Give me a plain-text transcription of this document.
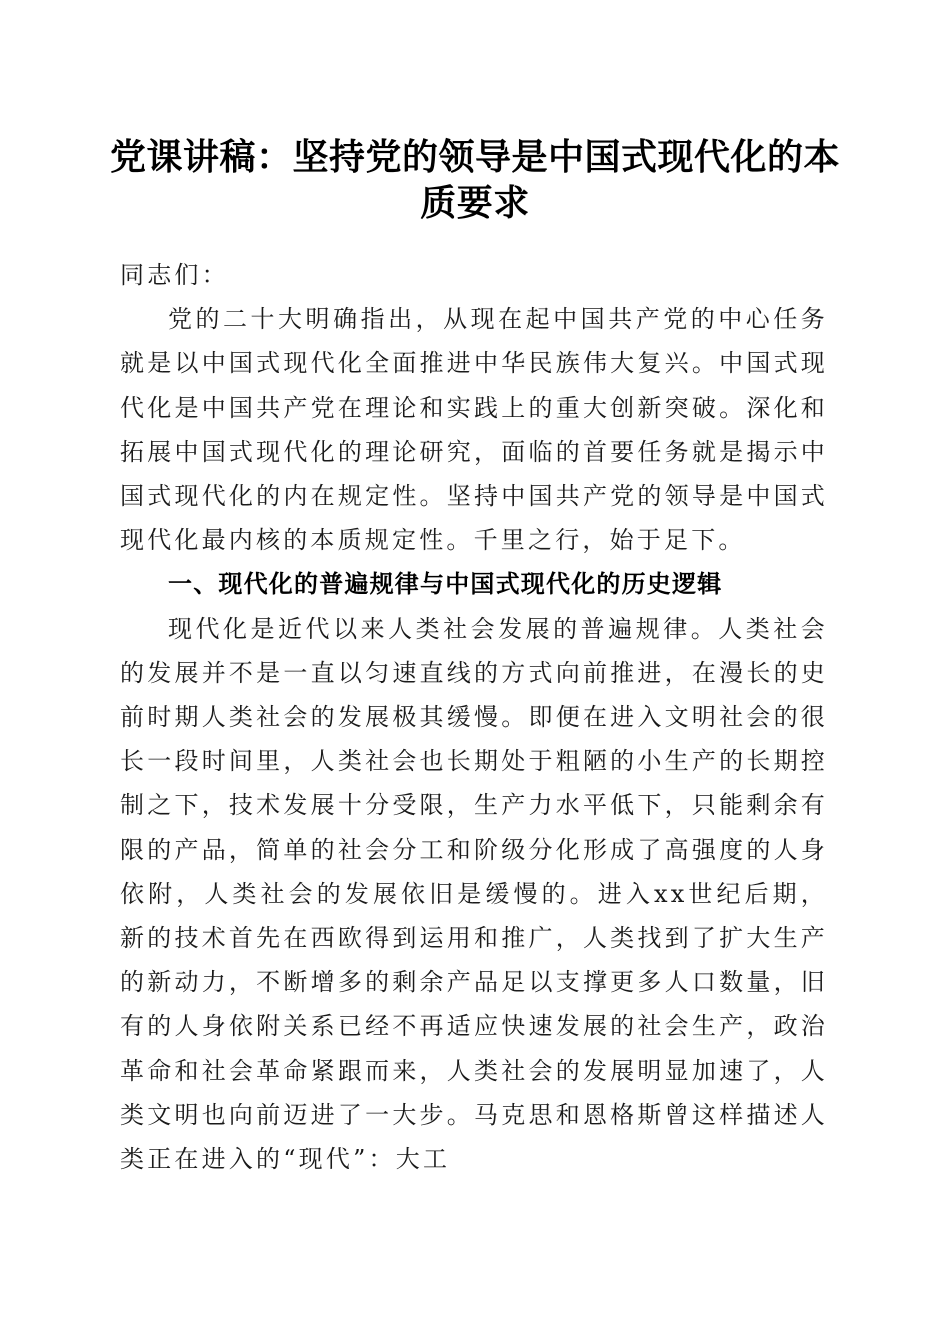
党课讲稿：坚持党的领导是中国式现代化的本质要求

同志们：

党的二十大明确指出，从现在起中国共产党的中心任务就是以中国式现代化全面推进中华民族伟大复兴。中国式现代化是中国共产党在理论和实践上的重大创新突破。深化和拓展中国式现代化的理论研究，面临的首要任务就是揭示中国式现代化的内在规定性。坚持中国共产党的领导是中国式现代化最内核的本质规定性。千里之行，始于足下。

一、现代化的普遍规律与中国式现代化的历史逻辑

现代化是近代以来人类社会发展的普遍规律。人类社会的发展并不是一直以匀速直线的方式向前推进，在漫长的史前时期人类社会的发展极其缓慢。即便在进入文明社会的很长一段时间里，人类社会也长期处于粗陋的小生产的长期控制之下，技术发展十分受限，生产力水平低下，只能剩余有限的产品，简单的社会分工和阶级分化形成了高强度的人身依附，人类社会的发展依旧是缓慢的。进入xx世纪后期，新的技术首先在西欧得到运用和推广，人类找到了扩大生产的新动力，不断增多的剩余产品足以支撑更多人口数量，旧有的人身依附关系已经不再适应快速发展的社会生产，政治革命和社会革命紧跟而来，人类社会的发展明显加速了，人类文明也向前迈进了一大步。马克思和恩格斯曾这样描述人类正在进入的“现代”：大工
